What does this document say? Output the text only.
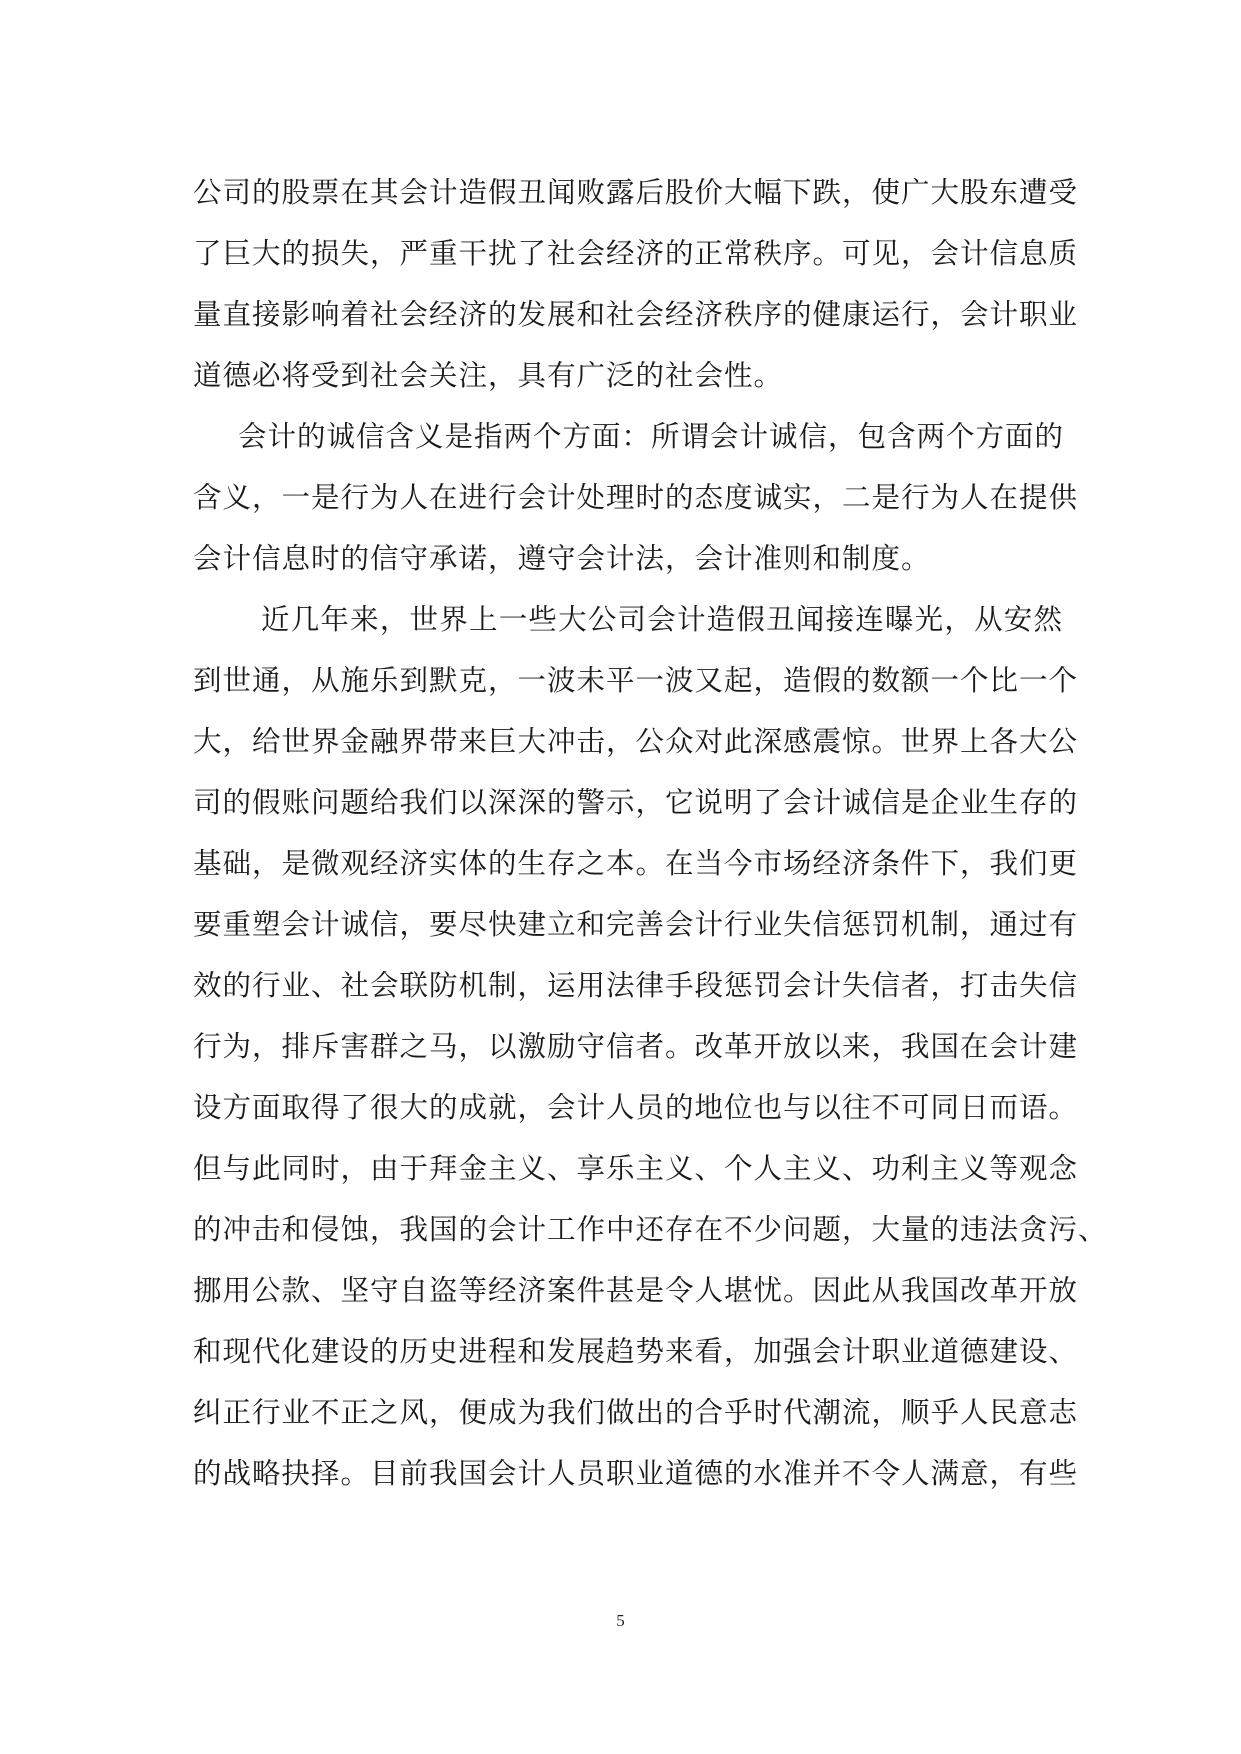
公司的股票在其会计造假丑闻败露后股价大幅下跌，使广大股东遭受
了巨大的损失，严重干扰了社会经济的正常秩序。可见，会计信息质
量直接影响着社会经济的发展和社会经济秩序的健康运行，会计职业
道德必将受到社会关注，具有广泛的社会性。
会计的诚信含义是指两个方面：所谓会计诚信，包含两个方面的
含义，一是行为人在进行会计处理时的态度诚实，二是行为人在提供
会计信息时的信守承诺，遵守会计法，会计准则和制度。
近几年来，世界上一些大公司会计造假丑闻接连曝光，从安然
到世通，从施乐到默克，一波未平一波又起，造假的数额一个比一个
大，给世界金融界带来巨大冲击，公众对此深感震惊。世界上各大公
司的假账问题给我们以深深的警示，它说明了会计诚信是企业生存的
基础，是微观经济实体的生存之本。在当今市场经济条件下，我们更
要重塑会计诚信，要尽快建立和完善会计行业失信惩罚机制，通过有
效的行业、社会联防机制，运用法律手段惩罚会计失信者，打击失信
行为，排斥害群之马，以激励守信者。改革开放以来，我国在会计建
设方面取得了很大的成就，会计人员的地位也与以往不可同日而语。
但与此同时，由于拜金主义、享乐主义、个人主义、功利主义等观念
的冲击和侵蚀，我国的会计工作中还存在不少问题，大量的违法贪污、
挪用公款、坚守自盗等经济案件甚是令人堪忧。因此从我国改革开放
和现代化建设的历史进程和发展趋势来看，加强会计职业道德建设、
纠正行业不正之风，便成为我们做出的合乎时代潮流，顺乎人民意志
的战略抉择。目前我国会计人员职业道德的水准并不令人满意，有些
5
